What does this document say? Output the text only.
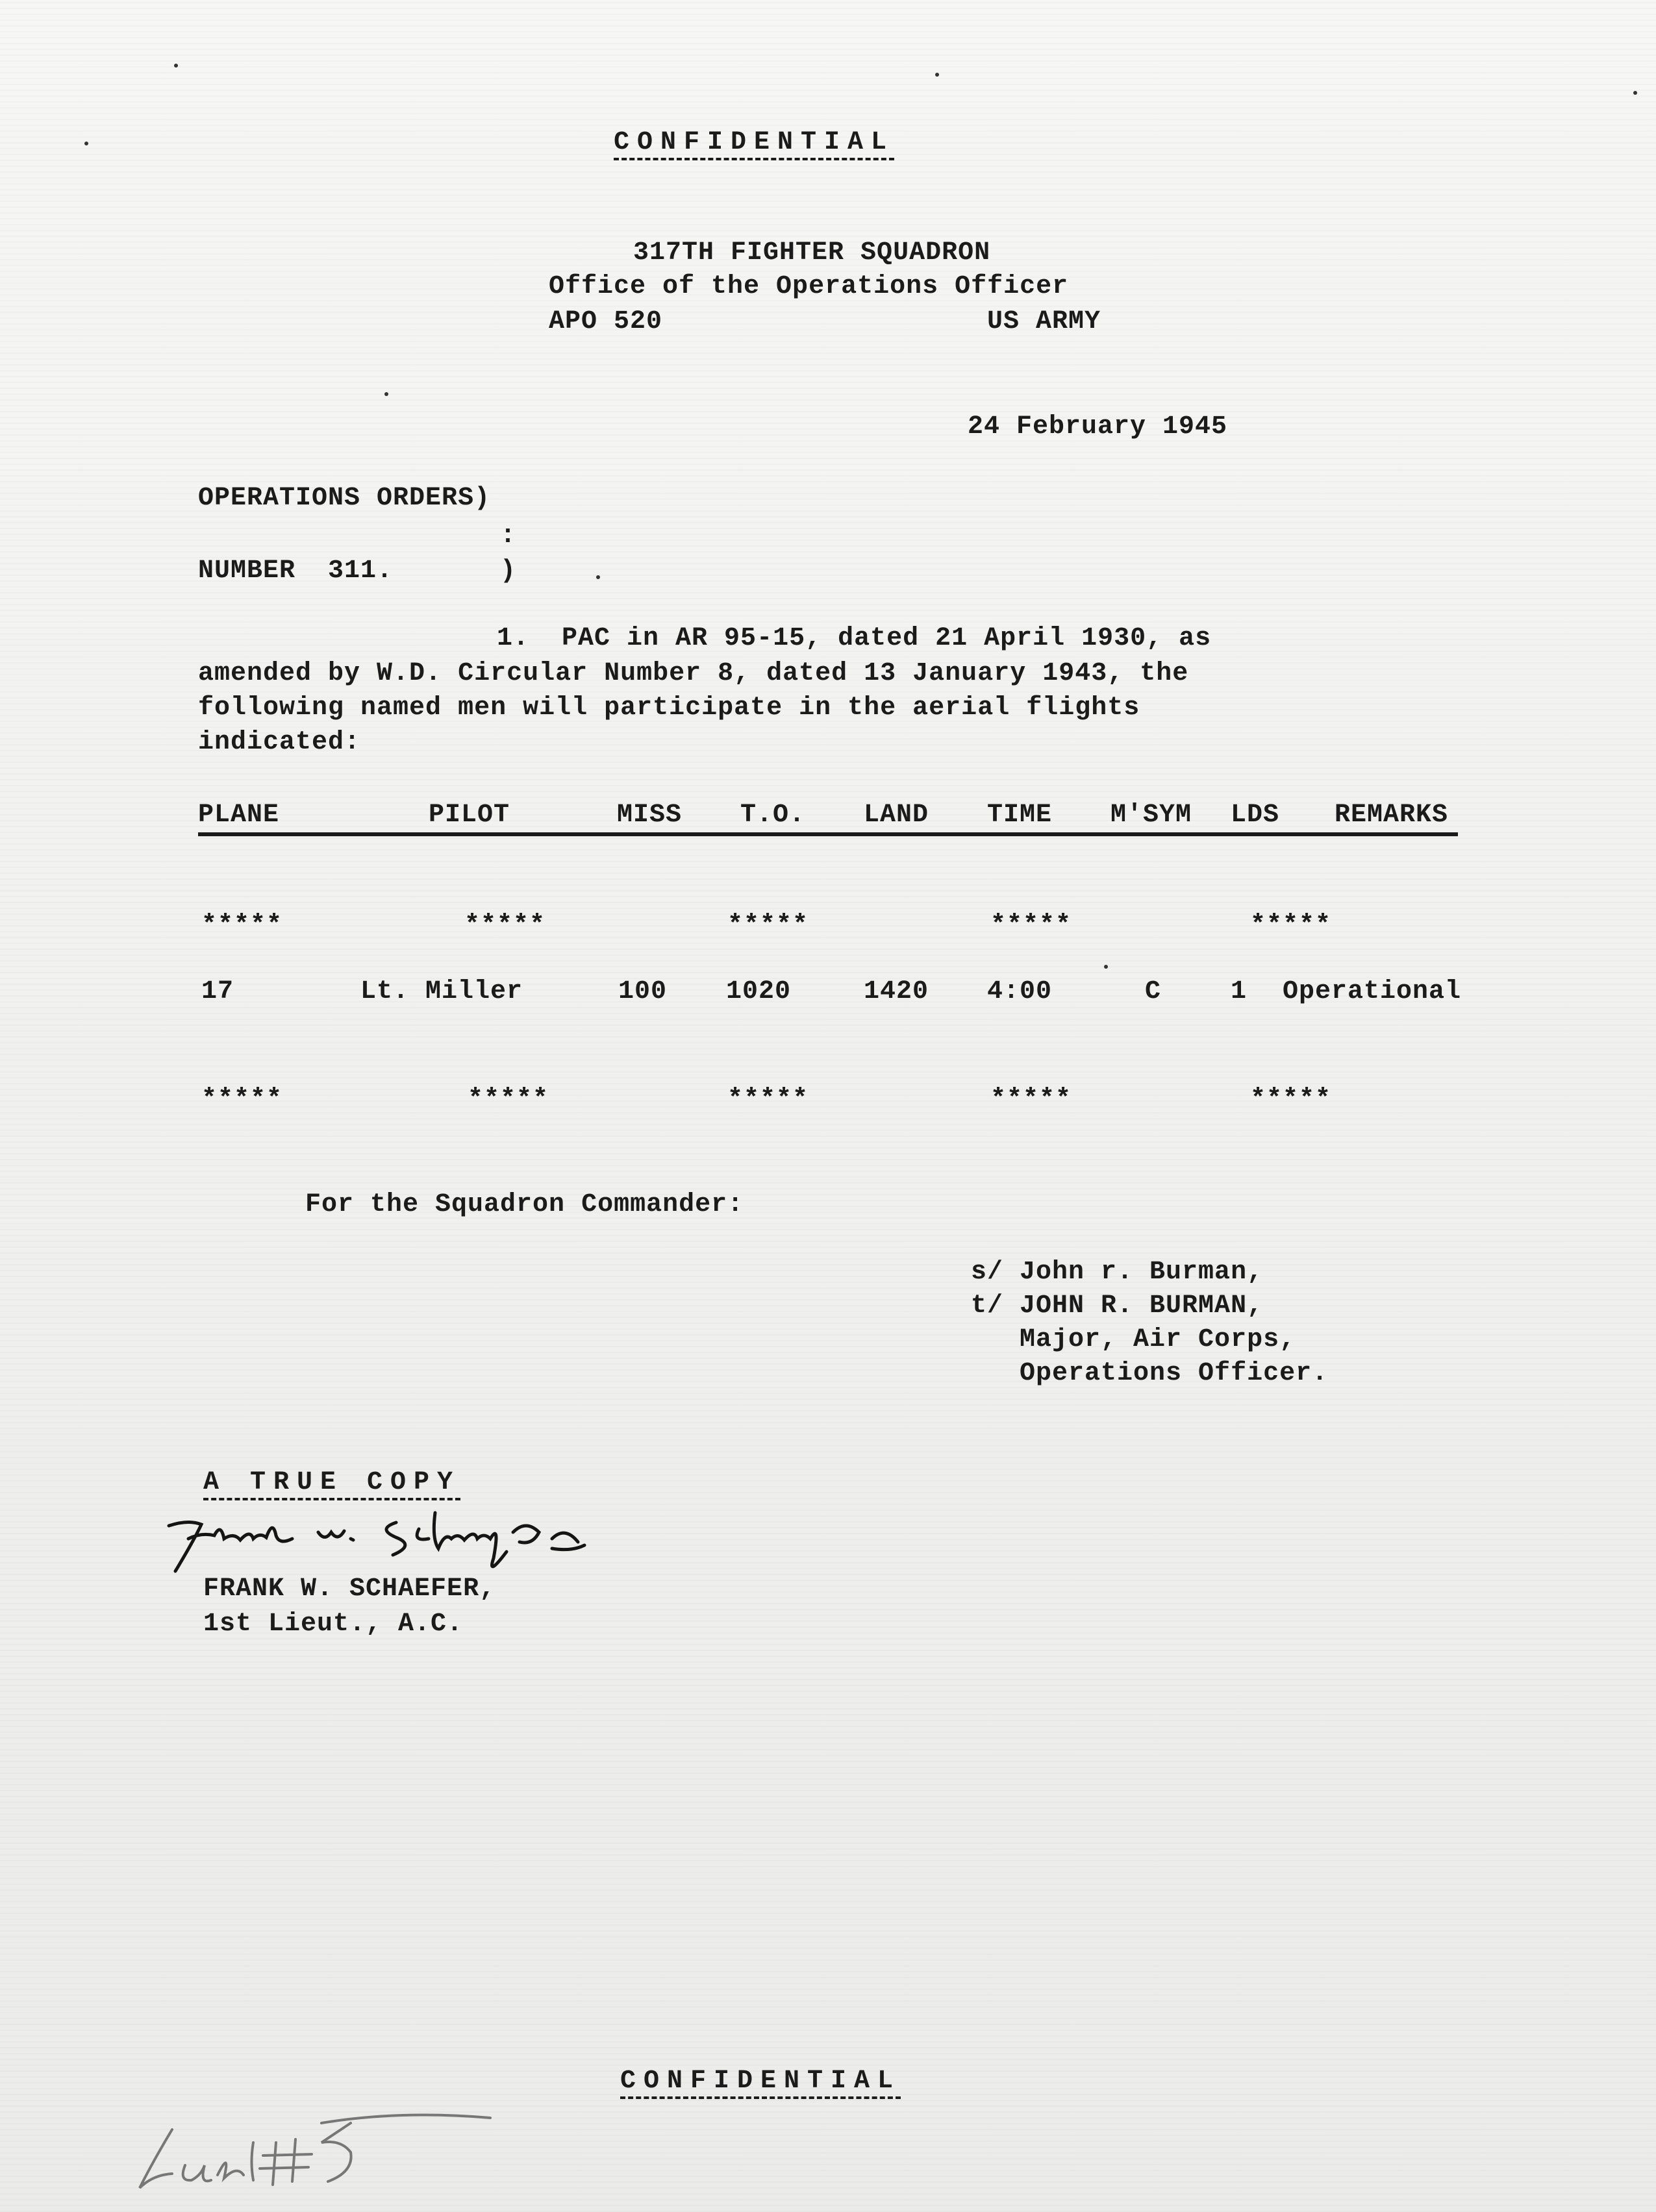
CONFIDENTIAL
317TH FIGHTER SQUADRON
Office of the Operations Officer
APO 520	US ARMY
24 February 1945
OPERATIONS ORDERS)
:
NUMBER  311.	)
1.  PAC in AR 95-15, dated 21 April 1930, as
amended by W.D. Circular Number 8, dated 13 January 1943, the
following named men will participate in the aerial flights
indicated:
PLANE	PILOT	MISS T.O. LAND TIME M'SYM LDS REMARKS
*****	*****	*****	*****	*****
17	Lt. Miller	100 1020	1420 4:00	C	1 Operational
*****	*****	*****	*****	*****
For the Squadron Commander:
s/ John r. Burman,
t/ JOHN R. BURMAN,
Major, Air Corps,
Operations Officer.
A TRUE COPY
FRANK W. SCHAEFER,
1st Lieut., A.C.
CONFIDENTIAL
